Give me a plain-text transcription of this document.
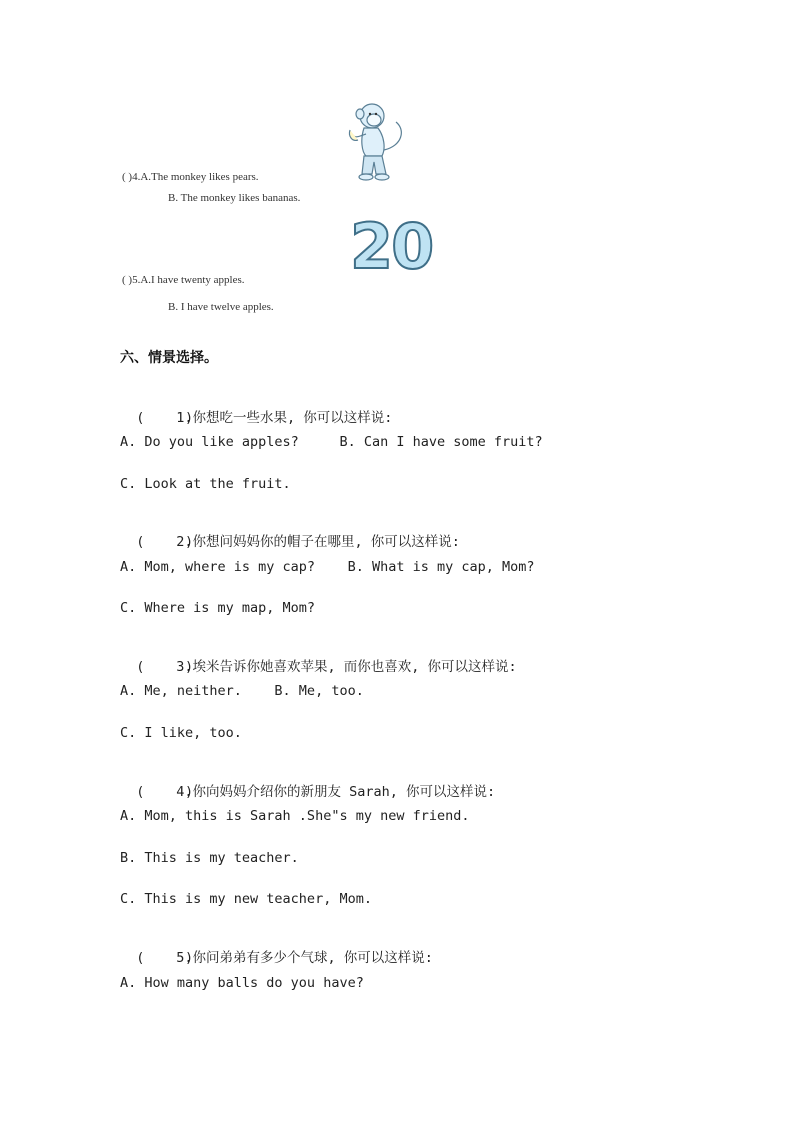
( )4.A.The monkey likes pears.
B. The monkey likes bananas.
20
( )5.A.I have twenty apples.
B. I have twelve apples.
六、情景选择。

(     )1.你想吃一些水果, 你可以这样说:

A. Do you like apples?     B. Can I have some fruit?
C. Look at the fruit.

(     )2.你想问妈妈你的帽子在哪里, 你可以这样说:

A. Mom, where is my cap?    B. What is my cap, Mom?
C. Where is my map, Mom?

(     )3.埃米告诉你她喜欢苹果, 而你也喜欢, 你可以这样说:

A. Me, neither.    B. Me, too.
C. I like, too.

(     )4.你向妈妈介绍你的新朋友 Sarah, 你可以这样说:

A. Mom, this is Sarah .She"s my new friend.
B. This is my teacher.
C. This is my new teacher, Mom.

(     )5.你问弟弟有多少个气球, 你可以这样说:

A. How many balls do you have?
